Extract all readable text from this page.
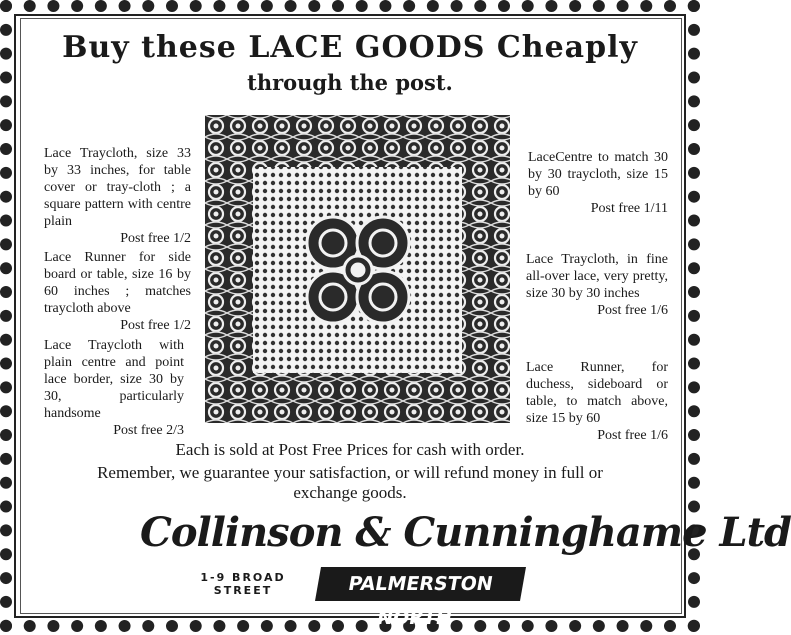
Buy these LACE GOODS Cheaply
through the post.

Lace Traycloth, size 33 by 33 inches, for table cover or tray-cloth ; a square pattern with centre plain

Post free 1/2

Lace Runner for side board or table, size 16 by 60 inches ; matches traycloth above

Post free 1/2

Lace Traycloth with plain centre and point lace border, size 30 by 30, particularly handsome

Post free 2/3

LaceCentre to match 30 by 30 traycloth, size 15 by 60

Post free 1/11

Lace Traycloth, in fine all-over lace, very pretty, size 30 by 30 inches

Post free 1/6

Lace Runner, for duchess, sideboard or table, to match above, size 15 by 60

Post free 1/6

Each is sold at Post Free Prices for cash with order.
Remember, we guarantee your satisfaction, or will refund money in full or exchange goods.
Collinson & Cunninghame Ltd
1-9 BROAD STREET	PALMERSTON NORTH
